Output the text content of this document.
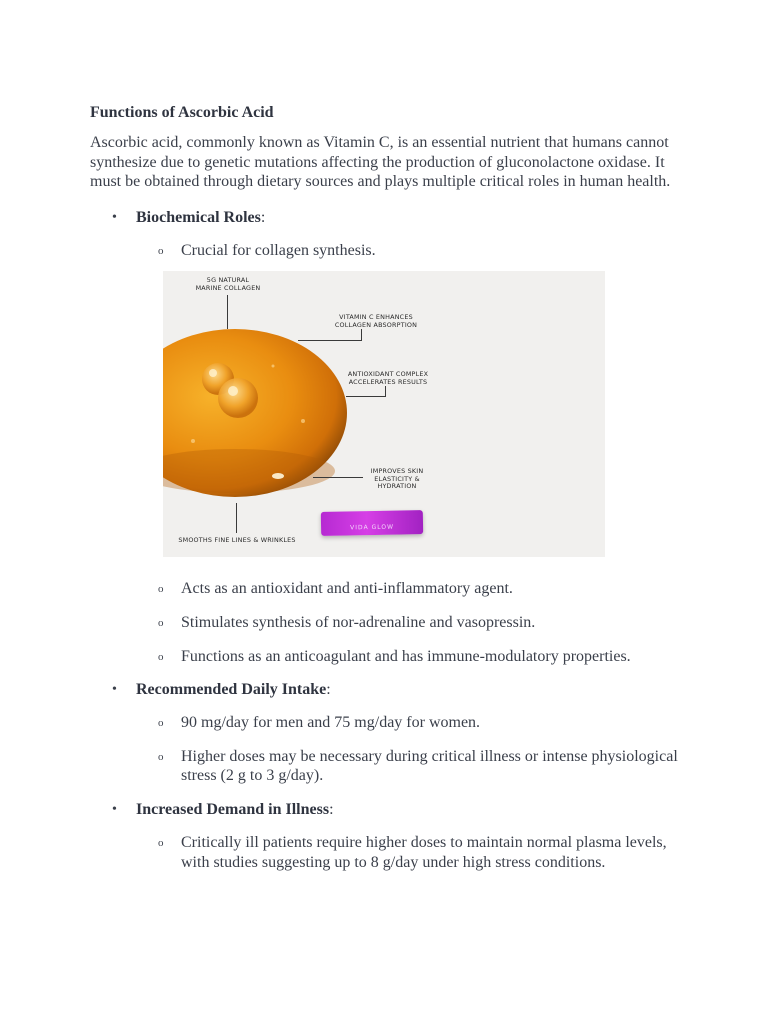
Functions of Ascorbic Acid

Ascorbic acid, commonly known as Vitamin C, is an essential nutrient that humans cannot synthesize due to genetic mutations affecting the production of gluconolactone oxidase. It must be obtained through dietary sources and plays multiple critical roles in human health.

• Biochemical Roles:
o Crucial for collagen synthesis.
5G NATURAL
MARINE COLLAGEN
VITAMIN C ENHANCES
COLLAGEN ABSORPTION
ANTIOXIDANT COMPLEX
ACCELERATES RESULTS
IMPROVES SKIN
ELASTICITY &
HYDRATION
SMOOTHS FINE LINES & WRINKLES
VIDA GLOW
o Acts as an antioxidant and anti-inflammatory agent.
o Stimulates synthesis of nor-adrenaline and vasopressin.
o Functions as an anticoagulant and has immune-modulatory properties.
• Recommended Daily Intake:
o 90 mg/day for men and 75 mg/day for women.
o Higher doses may be necessary during critical illness or intense physiological stress (2 g to 3 g/day).
• Increased Demand in Illness:
o Critically ill patients require higher doses to maintain normal plasma levels, with studies suggesting up to 8 g/day under high stress conditions.
